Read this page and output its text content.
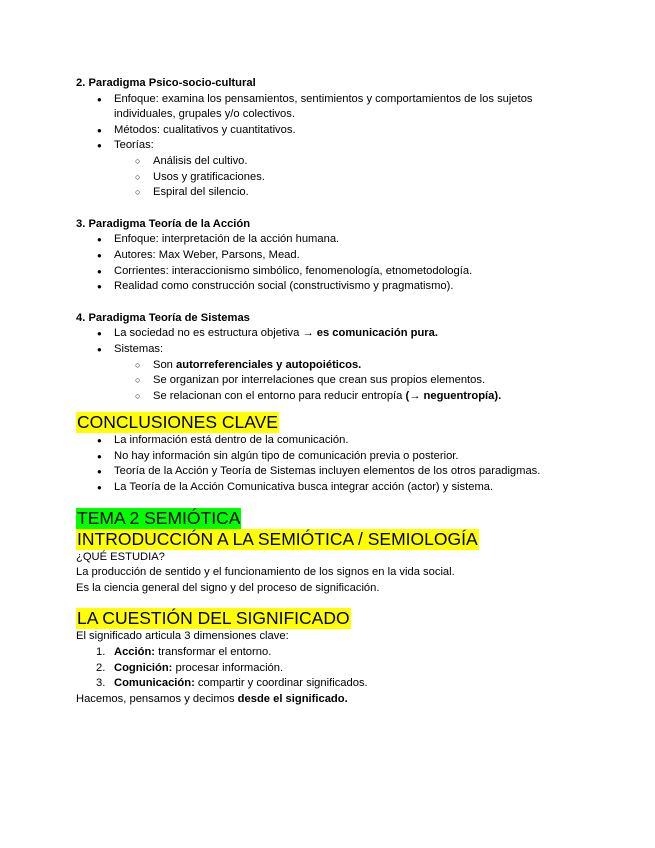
2. Paradigma Psico-socio-cultural

● Enfoque: examina los pensamientos, sentimientos y comportamientos de los sujetos
individuales, grupales y/o colectivos.
● Métodos: cualitativos y cuantitativos.
● Teorías:
○ Análisis del cultivo.
○ Usos y gratificaciones.
○ Espiral del silencio.

3. Paradigma Teoría de la Acción

● Enfoque: interpretación de la acción humana.
● Autores: Max Weber, Parsons, Mead.
● Corrientes: interaccionismo simbólico, fenomenología, etnometodología.
● Realidad como construcción social (constructivismo y pragmatismo).

4. Paradigma Teoría de Sistemas

● La sociedad no es estructura objetiva → es comunicación pura.
● Sistemas:
○ Son autorreferenciales y autopoiéticos.
○ Se organizan por interrelaciones que crean sus propios elementos.
○ Se relacionan con el entorno para reducir entropía (→ neguentropía).
CONCLUSIONES CLAVE
● La información está dentro de la comunicación.
● No hay información sin algún tipo de comunicación previa o posterior.
● Teoría de la Acción y Teoría de Sistemas incluyen elementos de los otros paradigmas.
● La Teoría de la Acción Comunicativa busca integrar acción (actor) y sistema.
TEMA 2 SEMIÓTICA
INTRODUCCIÓN A LA SEMIÓTICA / SEMIOLOGÍA

¿QUÉ ESTUDIA?

La producción de sentido y el funcionamiento de los signos en la vida social.

Es la ciencia general del signo y del proceso de significación.

LA CUESTIÓN DEL SIGNIFICADO

El significado articula 3 dimensiones clave:

1. Acción: transformar el entorno.
2. Cognición: procesar información.
3. Comunicación: compartir y coordinar significados.

Hacemos, pensamos y decimos desde el significado.
